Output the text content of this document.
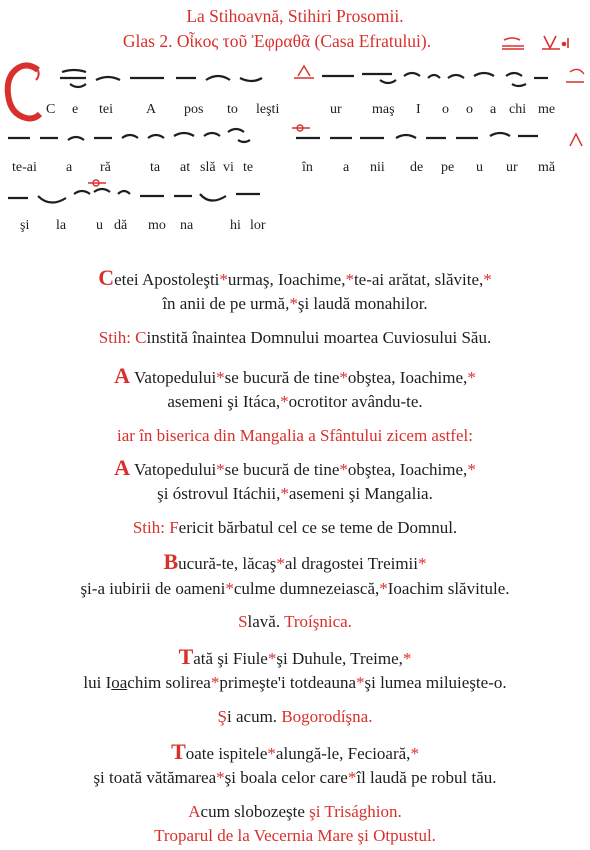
La Stihoavnă, Stihiri Prosomii.
Glas 2. Οἶκος τοῦ Ἐφραθᾶ (Casa Efratului).
C e tei A pos to leşti	ur maş I o o a chi me
te-ai a ră	ta at slă vi te	în a nii de pe u ur mă
şi la u dă mo na	hi lor
Cetei Apostoleşti*urmaş, Ioachime,*te-ai arătat, slăvite,*
în anii de pe urmă,*şi laudă monahilor.
Stih: Cinstită înaintea Domnului moartea Cuviosului Său.
A Vatopedului*se bucură de tine*obştea, Ioachime,*
asemeni şi Itáca,*ocrotitor avându-te.
iar în biserica din Mangalia a Sfântului zicem astfel:
A Vatopedului*se bucură de tine*obştea, Ioachime,*
şi óstrovul Itáchii,*asemeni şi Mangalia.
Stih: Fericit bărbatul cel ce se teme de Domnul.
Bucură-te, lăcaş*al dragostei Treimii*
şi-a iubirii de oameni*culme dumnezeiască,*Ioachim slăvitule.
Slavă. Troíşnica.
Tată şi Fiule*şi Duhule, Treime,*
lui Ioachim solirea*primeşte'i totdeauna*şi lumea miluieşte-o.
Şi acum. Bogorodíşna.
Toate ispitele*alungă-le, Fecioară,*
şi toată vătămarea*şi boala celor care*îl laudă pe robul tău.
Acum slobozeşte şi Trisághion.
Troparul de la Vecernia Mare şi Otpustul.
